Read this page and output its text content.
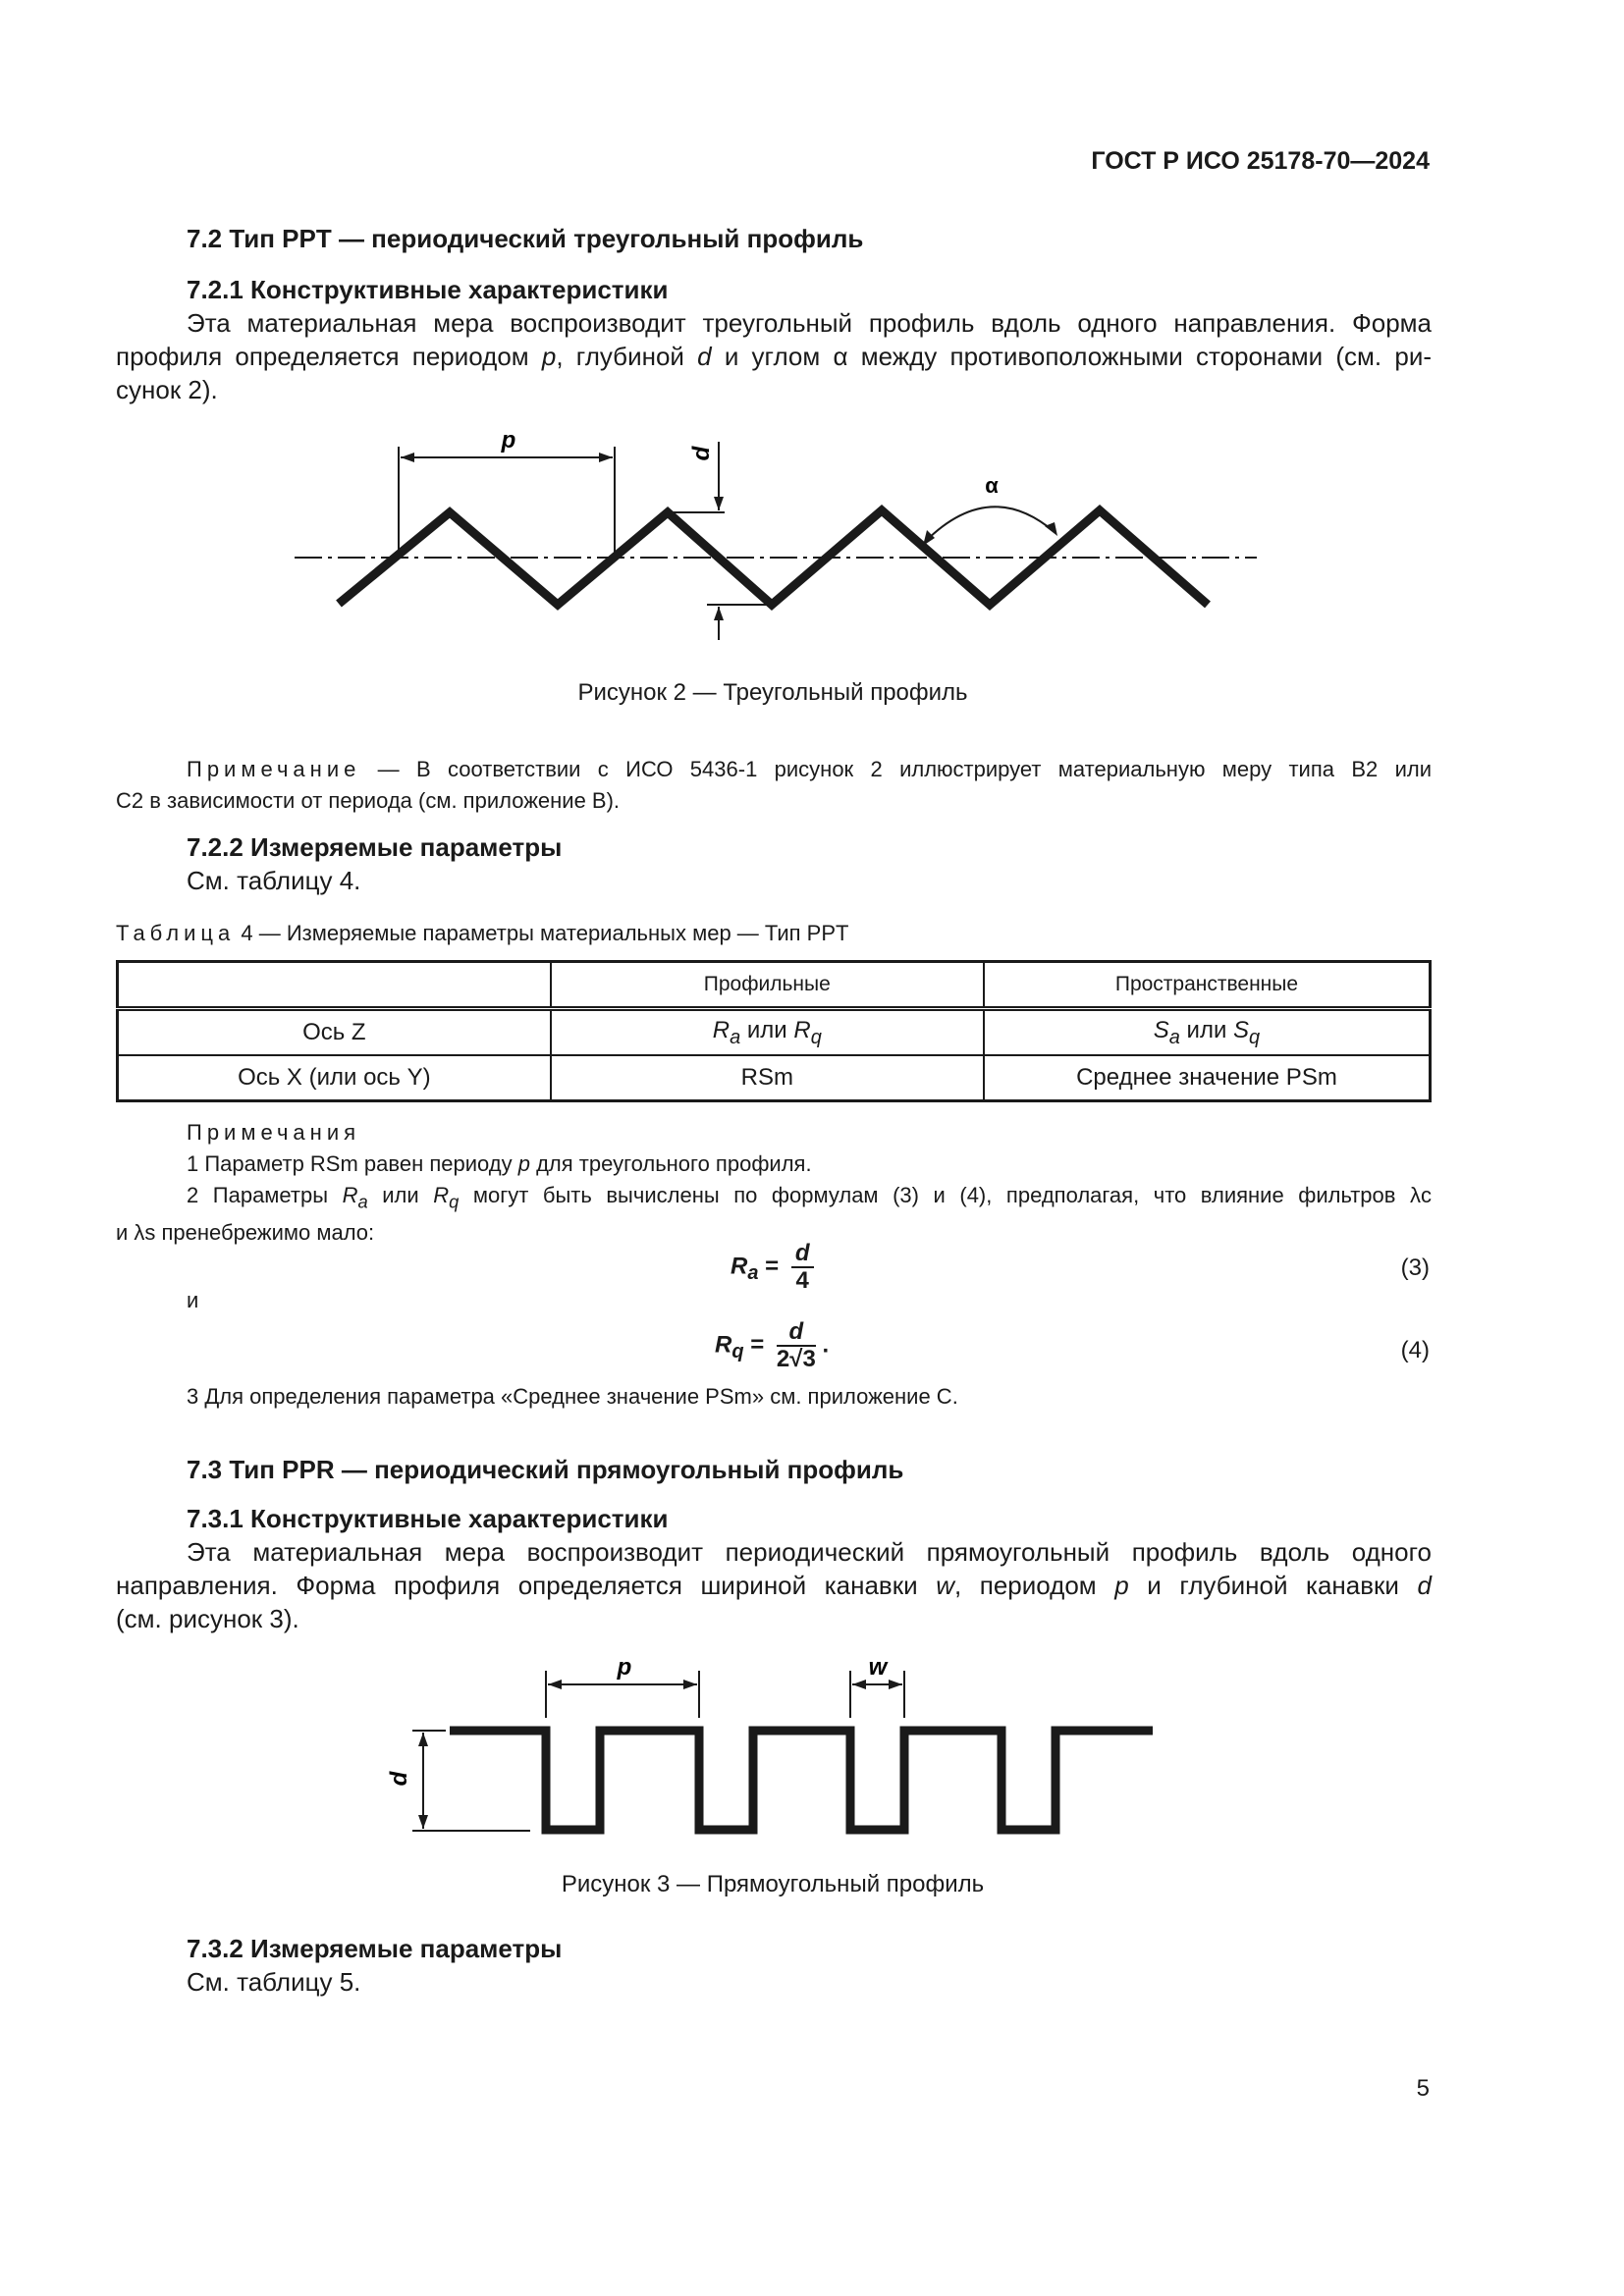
ГОСТ Р ИСО 25178-70—2024
7.2 Тип PPT — периодический треугольный профиль
7.2.1 Конструктивные характеристики
Эта материальная мера воспроизводит треугольный профиль вдоль одного направления. Форма
профиля определяется периодом p, глубиной d и углом α между противоположными сторонами (см. ри-
сунок 2).
p	d
α
Рисунок 2 — Треугольный профиль
Примечание — В соответствии с ИСО 5436-1 рисунок 2 иллюстрирует материальную меру типа В2 или
С2 в зависимости от периода (см. приложение В).
7.2.2 Измеряемые параметры
См. таблицу 4.
Таблица 4 — Измеряемые параметры материальных мер — Тип PPT
	Профильные	Пространственные
Ось Z	$R_a$ или $R_q$	$S_a$ или $S_q$
Ось X (или ось Y)	RSm	Среднее значение PSm
Примечания
1 Параметр RSm равен периоду p для треугольного профиля.
2 Параметры $R_a$ или $R_q$ могут быть вычислены по формулам (3) и (4), предполагая, что влияние фильтров λc
и λs пренебрежимо мало:
$R_a = \frac{d}{4}$	(3)
и
$R_q = \frac{d}{2√3}$ .	(4)
3 Для определения параметра «Среднее значение PSm» см. приложение С.
7.3 Тип PPR — периодический прямоугольный профиль
7.3.1 Конструктивные характеристики
Эта материальная мера воспроизводит периодический прямоугольный профиль вдоль одного
направления. Форма профиля определяется шириной канавки w, периодом p и глубиной канавки d
(см. рисунок 3).
d
p	w
Рисунок 3 — Прямоугольный профиль
7.3.2 Измеряемые параметры
См. таблицу 5.
5
